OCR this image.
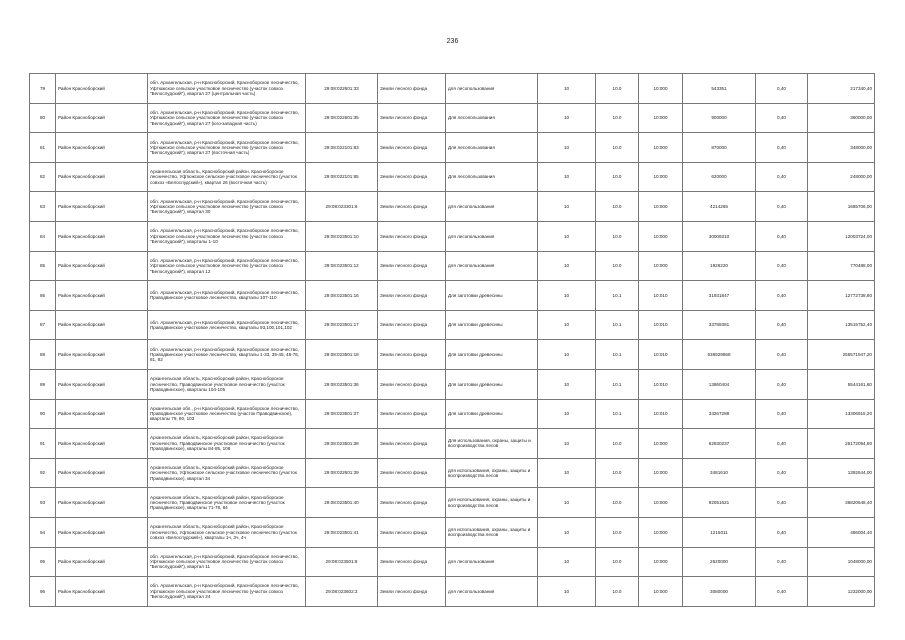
236
79	Район Красноборский	обл. Архангельская, р-н Красноборский, Красноборское лесничество, Уфтюжское сельское участковое лесничество (участок совхоз "Белослудский"), квартал 27 (центральная часть)	29:08:022601:33	Земли лесного фонда	для лесопользования	10	10.0	10:000	543351	0,40	217340,40
80	Район Красноборский	обл. Архангельская, р-н Красноборский, Красноборское лесничество, Уфтюжское сельское участковое лесничество (участок совхоз "Белослудский"), квартал 27 (юго-западная часть)	29:08:022601:35	Земли лесного фонда	Для лесопользования	10	10.0	10:000	900000	0,40	360000,00
81	Район Красноборский	обл. Архангельская, р-н Красноборский, Красноборское лесничество, Уфтюжское сельское участковое лесничество (участок совхоз "Белослудский"), квартал 27 (восточная часть)	29:08:022101:83	Земли лесного фонда	Для лесопользования	10	10.0	10:000	870000	0,40	348000,00
82	Район Красноборский	Архангельская область, Красноборский район, Красноборское лесничество, Уфтюжское сельское участковое лесничество (участок совхоз «Белослудский»), квартал 26 (восточная часть)	29:08:022101:85	Земли лесного фонда	Для лесопользования	10	10.0	10:000	620000	0,40	248000,00
83	Район Красноборский	обл. Архангельская, р-н Красноборский, Красноборское лесничество, Уфтюжское сельское участковое лесничество (участок совхоз "Белослудский"), квартал 30	29:08:023301:6	Земли лесного фонда	для лесопользования	10	10.0	10:000	4214265	0,40	1685706,00
84	Район Красноборский	обл. Архангельская, р-н Красноборский, Красноборское лесничество, Уфтюжское сельское участковое лесничество (участок совхоз "Белослудский"), кварталы 1-10	29:08:023501:10	Земли лесного фонда	для лесопользования	10	10.0	10:000	30009310	0,40	12003724,00
85	Район Красноборский	обл. Архангельская, р-н Красноборский, Красноборское лесничество, Уфтюжское сельское участковое лесничество (участок совхоз "Белослудский"), квартал 12	29:08:023501:12	Земли лесного фонда	для лесопользования	10	10.0	10:000	1926220	0,40	770488,00
86	Район Красноборский	обл. Архангельская, р-н Красноборский, Красноборское лесничество, Праводвинское участковое лесничество, кварталы 107-110	29:08:023501:16	Земли лесного фонда	Для заготовки древесины	10	10.1	10:010	31931847	0,40	12772738,80
87	Район Красноборский	обл. Архангельская, р-н Красноборский, Красноборское лесничество, Праводвинское участковое лесничество, кварталы 93,100,101,102	29:08:023501:17	Земли лесного фонда	Для заготовки древесины	10	10.1	10:010	33789381	0,40	13515752,40
88	Район Красноборский	обл. Архангельская, р-н Красноборский, Красноборское лесничество, Праводвинское участковое лесничество, кварталы 1-33, 35-45, 48-76, 81, 82	29:08:023501:18	Земли лесного фонда	Для заготовки древесины	10	10.1	10:010	638929868	0,40	255571947,20
89	Район Красноборский	Архангельская область, Красноборский район, Красноборское лесничество, Праводвинское участковое лесничество (участок Праводвинское), кварталы 104-105	29:08:023501:36	Земли лесного фонда	Для заготовки древесины	10	10.1	10:010	13860404	0,40	5544161,60
90	Район Красноборский	Архангельская обл., р-н Красноборский, Красноборское лесничество, Праводвинское участковое лесничество (участок Праводвинское), кварталы 79, 80, 103	29:08:023501:37	Земли лесного фонда	Для заготовки древесины	10	10.1	10:010	33267288	0,40	13306915,20
91	Район Красноборский	Архангельская область, Красноборский район, Красноборское лесничество, Праводвинское участковое лесничество (участок Праводвинское), кварталы 84-85, 106	29:08:023501:38	Земли лесного фонда	Для использования, охраны, защиты и воспроизводства лесов	10	10.0	10:000	62930237	0,40	25172094,80
92	Район Красноборский	Архангельская область, Красноборский район, Красноборское лесничество, Уфтюжское сельское участковое лесничество (участок Праводвинское), квартал 34	29:08:022601:39	Земли лесного фонда	для использования, охраны, защиты и воспроизводства лесов	10	10.0	10:000	3481610	0,40	1392644,00
93	Район Красноборский	Архангельская область, Красноборский район, Красноборское лесничество, Праводвинское участковое лесничество (участок Праводвинское), кварталы 71-78, 84	29:08:023501:40	Земли лесного фонда	для использования, охраны, защиты и воспроизводства лесов	10	10.0	10:000	92051621	0,40	36820648,40
94	Район Красноборский	Архангельская область, Красноборский район, Красноборское лесничество, Уфтюжское сельское участковое лесничество (участок совхоз «Белослудский»), кварталы 1ч, 3ч, 4ч	29:08:023501:41	Земли лесного фонда	для использования, охраны, защиты и воспроизводства лесов	10	10.0	10:000	1215011	0,40	486004,40
95	Район Красноборский	обл. Архангельская, р-н Красноборский, Красноборское лесничество, Уфтюжское сельское участковое лесничество (участок совхоз "Белослудский"), квартал 11	29:08:023501:8	Земли лесного фонда	для лесопользования	10	10.0	10:000	2620000	0,40	1048000,00
96	Район Красноборский	обл. Архангельская, р-н Красноборский, Красноборское лесничество, Уфтюжское сельское участковое лесничество (участок совхоз "Белослудский"), квартал 24	29:08:023602:3	Земли лесного фонда	для лесопользования	10	10.0	10:000	3080000	0,40	1232000,00
